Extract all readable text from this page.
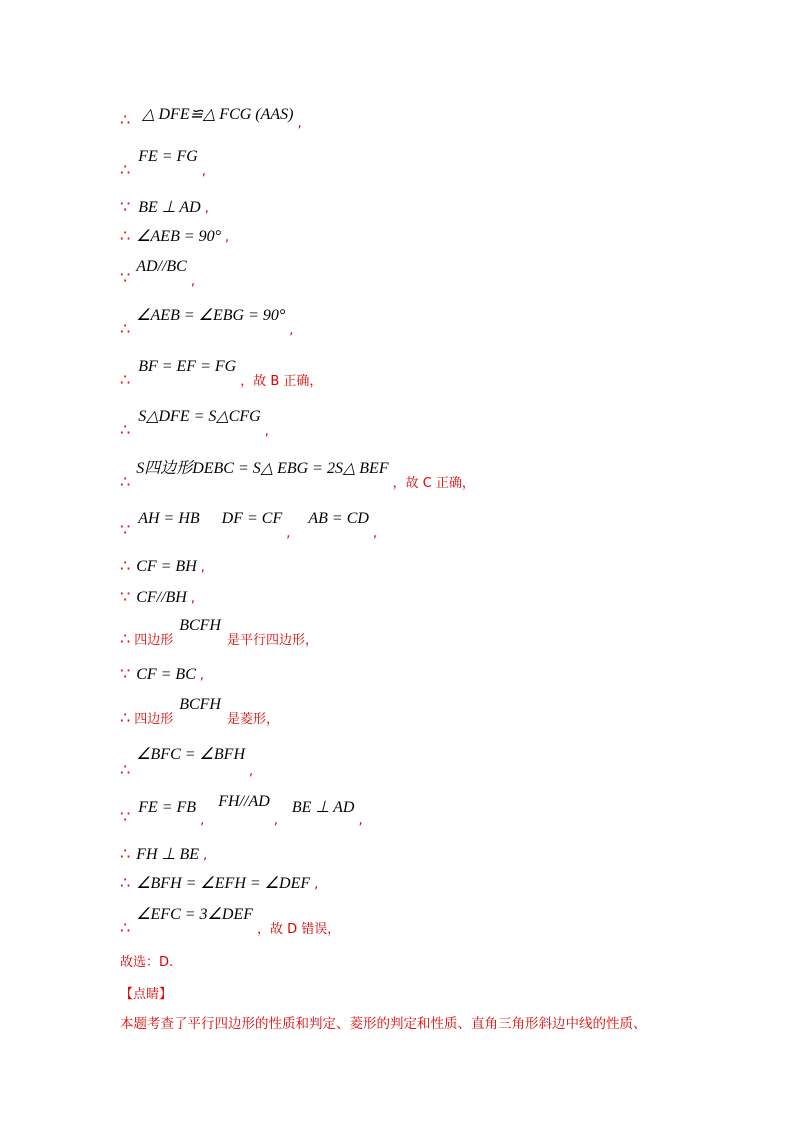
∴ △ DFE≌△ FCG (AAS) $_,$
∴ FE = FG $_,$
∵ BE ⊥ AD ,
∴ ∠AEB = 90° ,
∵ AD//BC $_,$
∴ ∠AEB = ∠EBG = 90° $_,$
∴ BF = EF = FG $_{,故 B 正确,}$
∴ S△DFE = S△CFG $_,$
∴ S四边形DEBC = S△ EBG = 2S△ BEF $_{,故 C 正确,}$
∵ AH = HB DF = CF $_,$ AB = CD $_,$
∴ CF = BH ,
∵ CF//BH ,
∴ $_{四边形}$ BCFH $_{是平行四边形,}$
∵ CF = BC ,
∴ $_{四边形}$ BCFH $_{是菱形,}$
∴ ∠BFC = ∠BFH $_,$
∵ FE = FB $_,$ FH//AD $_,$ BE ⊥ AD $_,$
∴ FH ⊥ BE ,
∴ ∠BFH = ∠EFH = ∠DEF ,
∴ ∠EFC = 3∠DEF $_{,故 D 错误,}$
故选：D.
【点睛】
本题考查了平行四边形的性质和判定、菱形的判定和性质、直角三角形斜边中线的性质、
